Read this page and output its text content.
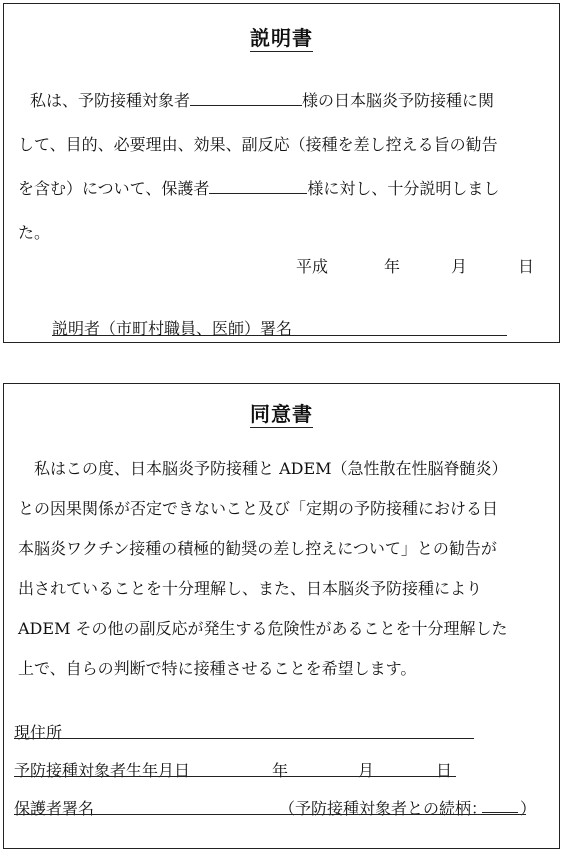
説明書
私は、予防接種対象者	様の日本脳炎予防接種に関
して、目的、必要理由、効果、副反応（接種を差し控える旨の勧告
を含む）について、保護者	様に対し、十分説明しまし
た。
平成	年	月	日
説明者（市町村職員、医師）署名
同意書
私はこの度、日本脳炎予防接種と ADEM（急性散在性脳脊髄炎）
との因果関係が否定できないこと及び「定期の予防接種における日
本脳炎ワクチン接種の積極的勧奨の差し控えについて」との勧告が
出されていることを十分理解し、また、日本脳炎予防接種により
ADEM その他の副反応が発生する危険性があることを十分理解した
上で、自らの判断で特に接種させることを希望します。
現住所
予防接種対象者生年月日	年	月	日
保護者署名	（予防接種対象者との続柄： ）
